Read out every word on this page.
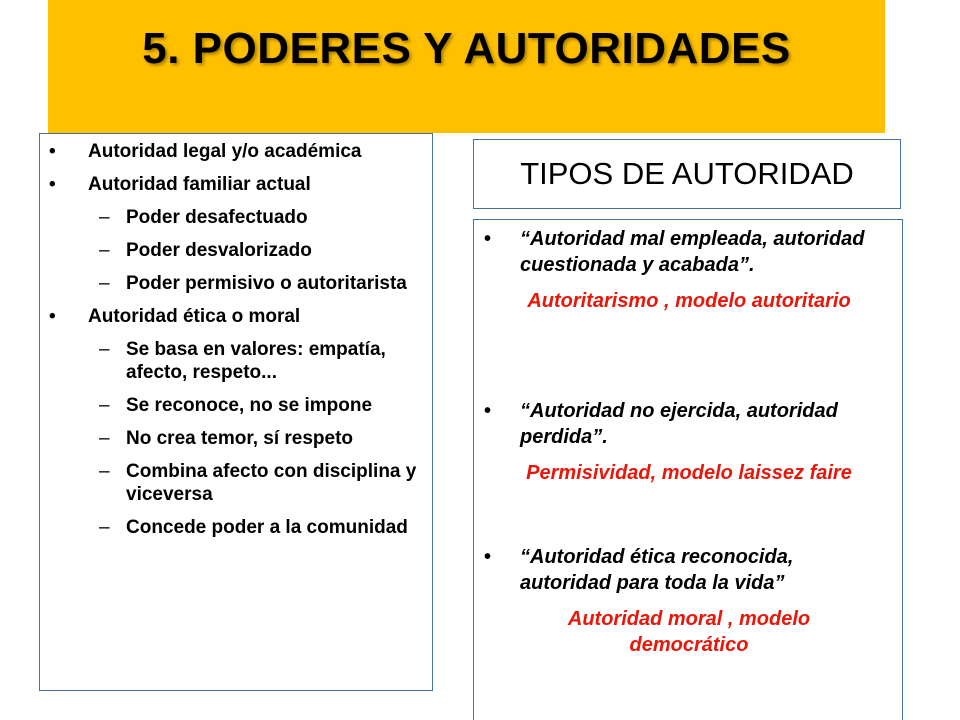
5. PODERES Y AUTORIDADES
• Autoridad legal y/o académica
• Autoridad familiar actual
– Poder desafectuado
– Poder desvalorizado
– Poder permisivo o autoritarista
• Autoridad ética o moral
– Se basa en valores: empatía, afecto, respeto...
– Se reconoce, no se impone
– No crea temor, sí respeto
– Combina afecto con disciplina y viceversa
– Concede poder a la comunidad
TIPOS DE AUTORIDAD
• “Autoridad mal empleada, autoridad cuestionada y acabada”.
Autoritarismo , modelo autoritario
• “Autoridad no ejercida, autoridad perdida”.
Permisividad, modelo laissez faire
• “Autoridad ética reconocida, autoridad para toda la vida”
Autoridad moral , modelo democrático
